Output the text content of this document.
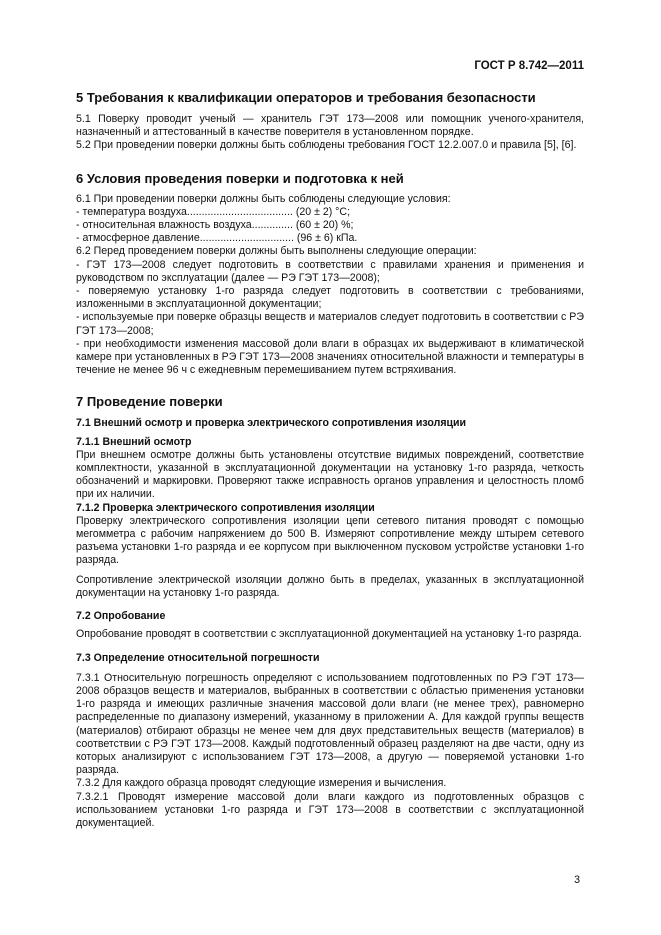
ГОСТ Р 8.742—2011
5 Требования к квалификации операторов и требования безопасности

5.1 Поверку проводит ученый — хранитель ГЭТ 173—2008 или помощник ученого-хранителя, назначенный и аттестованный в качестве поверителя в установленном порядке.

5.2 При проведении поверки должны быть соблюдены требования ГОСТ 12.2.007.0 и правила [5], [6].

6 Условия проведения поверки и подготовка к ней

6.1 При проведении поверки должны быть соблюдены следующие условия:

- температура воздуха ....................................
(20 ± 2) °С;
- относительная влажность воздуха ..............
(60 ± 20) %;
- атмосферное давление ................................
(96 ± 6) кПа.

6.2 Перед проведением поверки должны быть выполнены следующие операции:

- ГЭТ 173—2008 следует подготовить в соответствии с правилами хранения и применения и руководством по эксплуатации (далее — РЭ ГЭТ 173—2008);

- поверяемую установку 1-го разряда следует подготовить в соответствии с требованиями, изложенными в эксплуатационной документации;

- используемые при поверке образцы веществ и материалов следует подготовить в соответствии с РЭ ГЭТ 173—2008;

- при необходимости изменения массовой доли влаги в образцах их выдерживают в климатической камере при установленных в РЭ ГЭТ 173—2008 значениях относительной влажности и температуры в течение не менее 96 ч с ежедневным перемешиванием путем встряхивания.

7 Проведение поверки
7.1 Внешний осмотр и проверка электрического сопротивления изоляции
7.1.1 Внешний осмотр

При внешнем осмотре должны быть установлены отсутствие видимых повреждений, соответствие комплектности, указанной в эксплуатационной документации на установку 1-го разряда, четкость обозначений и маркировки. Проверяют также исправность органов управления и целостность пломб при их наличии.

7.1.2 Проверка электрического сопротивления изоляции

Проверку электрического сопротивления изоляции цепи сетевого питания проводят с помощью мегомметра с рабочим напряжением до 500 В. Измеряют сопротивление между штырем сетевого разъема установки 1-го разряда и ее корпусом при выключенном пусковом устройстве установки 1-го разряда.

Сопротивление электрической изоляции должно быть в пределах, указанных в эксплуатационной документации на установку 1-го разряда.

7.2 Опробование

Опробование проводят в соответствии с эксплуатационной документацией на установку 1-го разряда.

7.3 Определение относительной погрешности

7.3.1 Относительную погрешность определяют с использованием подготовленных по РЭ ГЭТ 173—2008 образцов веществ и материалов, выбранных в соответствии с областью применения установки 1-го разряда и имеющих различные значения массовой доли влаги (не менее трех), равномерно распределенные по диапазону измерений, указанному в приложении А. Для каждой группы веществ (материалов) отбирают образцы не менее чем для двух представительных веществ (материалов) в соответствии с РЭ ГЭТ 173—2008. Каждый подготовленный образец разделяют на две части, одну из которых анализируют с использованием ГЭТ 173—2008, а другую — поверяемой установки 1-го разряда.

7.3.2 Для каждого образца проводят следующие измерения и вычисления.

7.3.2.1 Проводят измерение массовой доли влаги каждого из подготовленных образцов с использованием установки 1-го разряда и ГЭТ 173—2008 в соответствии с эксплуатационной документацией.

3
